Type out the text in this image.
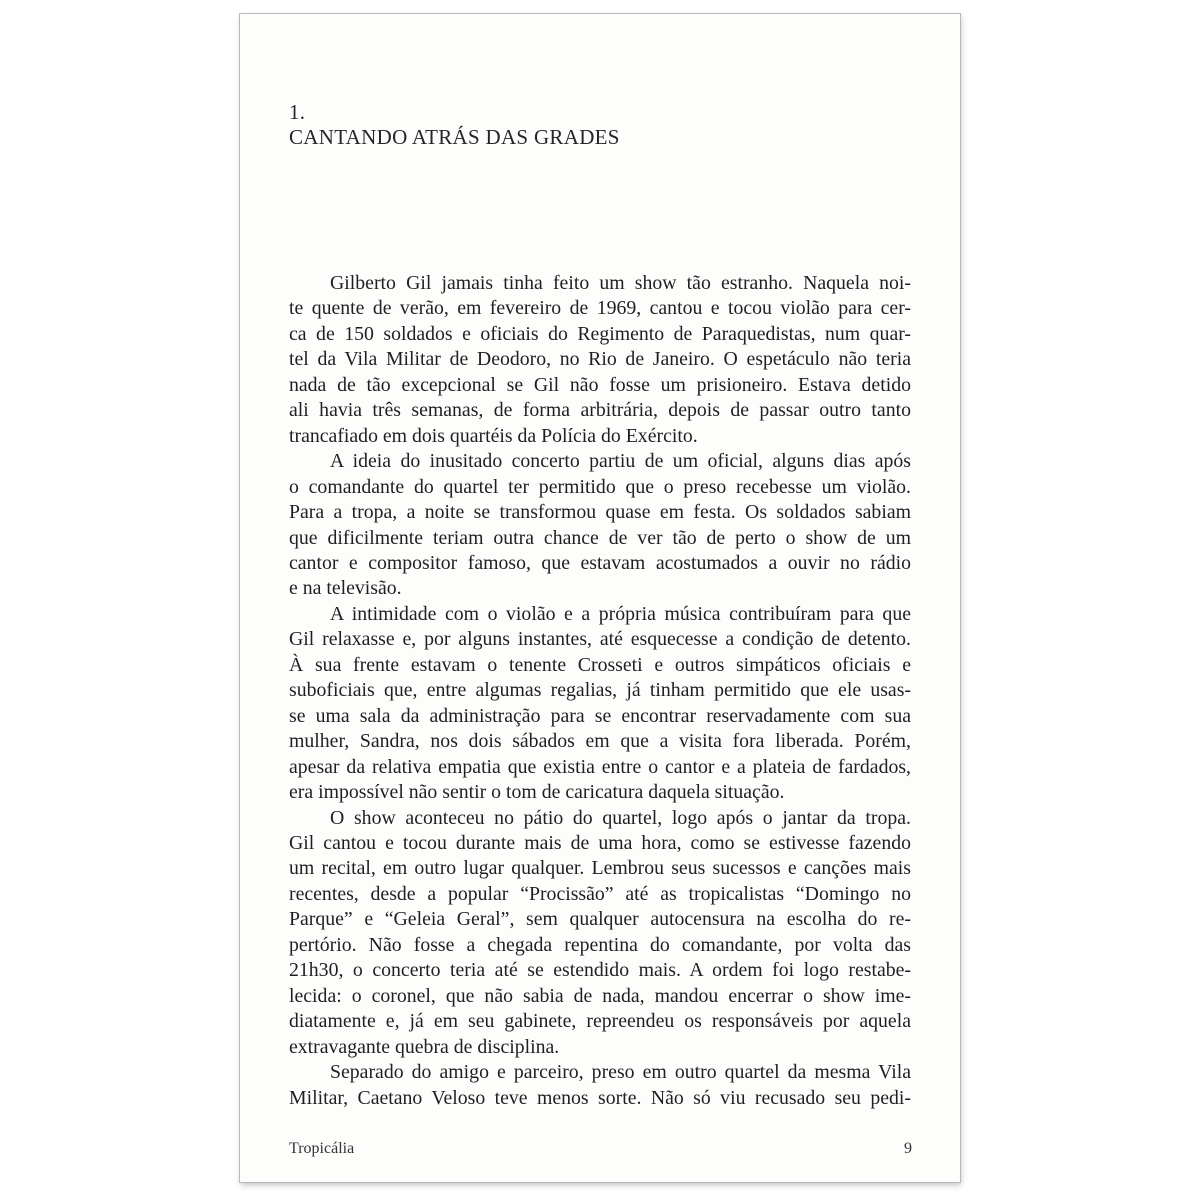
1.
CANTANDO ATRÁS DAS GRADES

Gilberto Gil jamais tinha feito um show tão estranho. Naquela noi-
te quente de verão, em fevereiro de 1969, cantou e tocou violão para cer-
ca de 150 soldados e oficiais do Regimento de Paraquedistas, num quar-
tel da Vila Militar de Deodoro, no Rio de Janeiro. O espetáculo não teria
nada de tão excepcional se Gil não fosse um prisioneiro. Estava detido
ali havia três semanas, de forma arbitrária, depois de passar outro tanto
trancafiado em dois quartéis da Polícia do Exército.

A ideia do inusitado concerto partiu de um oficial, alguns dias após
o comandante do quartel ter permitido que o preso recebesse um violão.
Para a tropa, a noite se transformou quase em festa. Os soldados sabiam
que dificilmente teriam outra chance de ver tão de perto o show de um
cantor e compositor famoso, que estavam acostumados a ouvir no rádio
e na televisão.

A intimidade com o violão e a própria música contribuíram para que
Gil relaxasse e, por alguns instantes, até esquecesse a condição de detento.
À sua frente estavam o tenente Crosseti e outros simpáticos oficiais e
suboficiais que, entre algumas regalias, já tinham permitido que ele usas-
se uma sala da administração para se encontrar reservadamente com sua
mulher, Sandra, nos dois sábados em que a visita fora liberada. Porém,
apesar da relativa empatia que existia entre o cantor e a plateia de fardados,
era impossível não sentir o tom de caricatura daquela situação.

O show aconteceu no pátio do quartel, logo após o jantar da tropa.
Gil cantou e tocou durante mais de uma hora, como se estivesse fazendo
um recital, em outro lugar qualquer. Lembrou seus sucessos e canções mais
recentes, desde a popular “Procissão” até as tropicalistas “Domingo no
Parque” e “Geleia Geral”, sem qualquer autocensura na escolha do re-
pertório. Não fosse a chegada repentina do comandante, por volta das
21h30, o concerto teria até se estendido mais. A ordem foi logo restabe-
lecida: o coronel, que não sabia de nada, mandou encerrar o show ime-
diatamente e, já em seu gabinete, repreendeu os responsáveis por aquela
extravagante quebra de disciplina.

Separado do amigo e parceiro, preso em outro quartel da mesma Vila
Militar, Caetano Veloso teve menos sorte. Não só viu recusado seu pedi-

Tropicália	9
